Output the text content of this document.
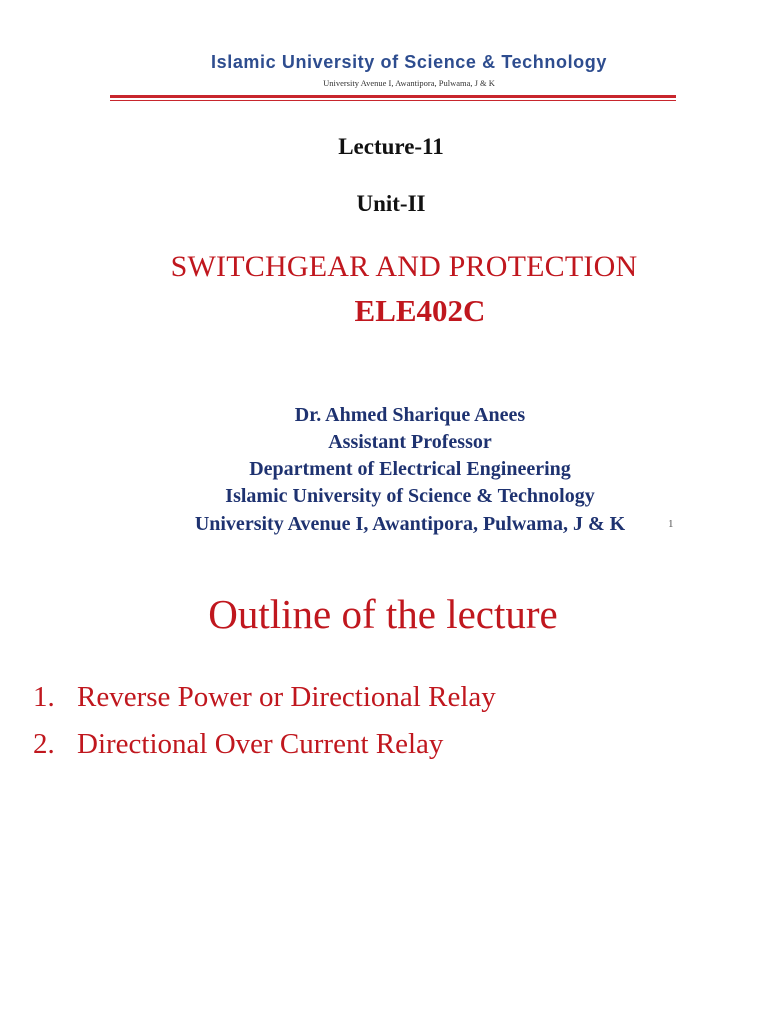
Islamic University of Science & Technology
University Avenue I, Awantipora, Pulwama, J & K
Lecture-11
Unit-II
SWITCHGEAR AND PROTECTION
ELE402C
Dr. Ahmed Sharique Anees
Assistant Professor
Department of Electrical Engineering
Islamic University of Science & Technology
University Avenue I, Awantipora, Pulwama, J & K	1
Outline of the lecture
1. Reverse Power or Directional Relay
2. Directional Over Current Relay
